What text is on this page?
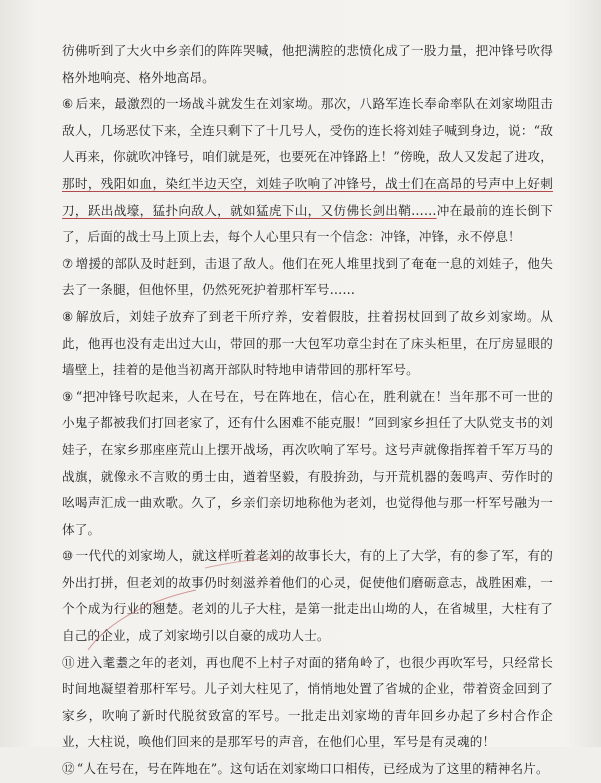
彷佛听到了大火中乡亲们的阵阵哭喊，他把满腔的悲愤化成了一股力量，把冲锋号吹得格外地响亮、格外地高昂。

⑥ 后来，最激烈的一场战斗就发生在刘家坳。那次，八路军连长奉命率队在刘家坳阻击敌人，几场恶仗下来，全连只剩下了十几号人，受伤的连长将刘娃子喊到身边，说：“敌人再来，你就吹冲锋号，咱们就是死，也要死在冲锋路上！”傍晚，敌人又发起了进攻，那时，残阳如血，染红半边天空，刘娃子吹响了冲锋号，战士们在高昂的号声中上好刺刀，跃出战壕，猛扑向敌人，就如猛虎下山，又仿佛长剑出鞘……冲在最前的连长倒下了，后面的战士马上顶上去，每个人心里只有一个信念：冲锋，冲锋，永不停息！

⑦ 增援的部队及时赶到，击退了敌人。他们在死人堆里找到了奄奄一息的刘娃子，他失去了一条腿，但他怀里，仍然死死护着那杆军号……

⑧ 解放后，刘娃子放弃了到老干所疗养，安着假肢，拄着拐杖回到了故乡刘家坳。从此，他再也没有走出过大山，带回的那一大包军功章尘封在了床头柜里，在厅房显眼的墙壁上，挂着的是他当初离开部队时特地申请带回的那杆军号。

⑨ “把冲锋号吹起来，人在号在，号在阵地在，信心在，胜利就在！当年那不可一世的小鬼子都被我们打回老家了，还有什么困难不能克服！”回到家乡担任了大队党支书的刘娃子，在家乡那座座荒山上摆开战场，再次吹响了军号。这号声就像指挥着千军万马的战旗，就像永不言败的勇士由，遒着坚毅，有股拚劲，与开荒机器的轰鸣声、劳作时的吆喝声汇成一曲欢歌。久了，乡亲们亲切地称他为老刘，也觉得他与那一杆军号融为一体了。

⑩ 一代代的刘家坳人，就这样听着老刘的故事长大，有的上了大学，有的参了军，有的外出打拼，但老刘的故事仍时刻滋养着他们的心灵，促使他们磨砺意志，战胜困难，一个个成为行业的翘楚。老刘的儿子大柱，是第一批走出山坳的人，在省城里，大柱有了自己的企业，成了刘家坳引以自豪的成功人士。

⑪ 进入耄耋之年的老刘，再也爬不上村子对面的猪角岭了，也很少再吹军号，只经常长时间地凝望着那杆军号。儿子刘大柱见了，悄悄地处置了省城的企业，带着资金回到了家乡，吹响了新时代脱贫致富的军号。一批走出刘家坳的青年回乡办起了乡村合作企业，大柱说，唤他们回来的是那军号的声音，在他们心里，军号是有灵魂的！

⑫ “人在号在，号在阵地在”。这句话在刘家坳口口相传，已经成为了这里的精神名片。
